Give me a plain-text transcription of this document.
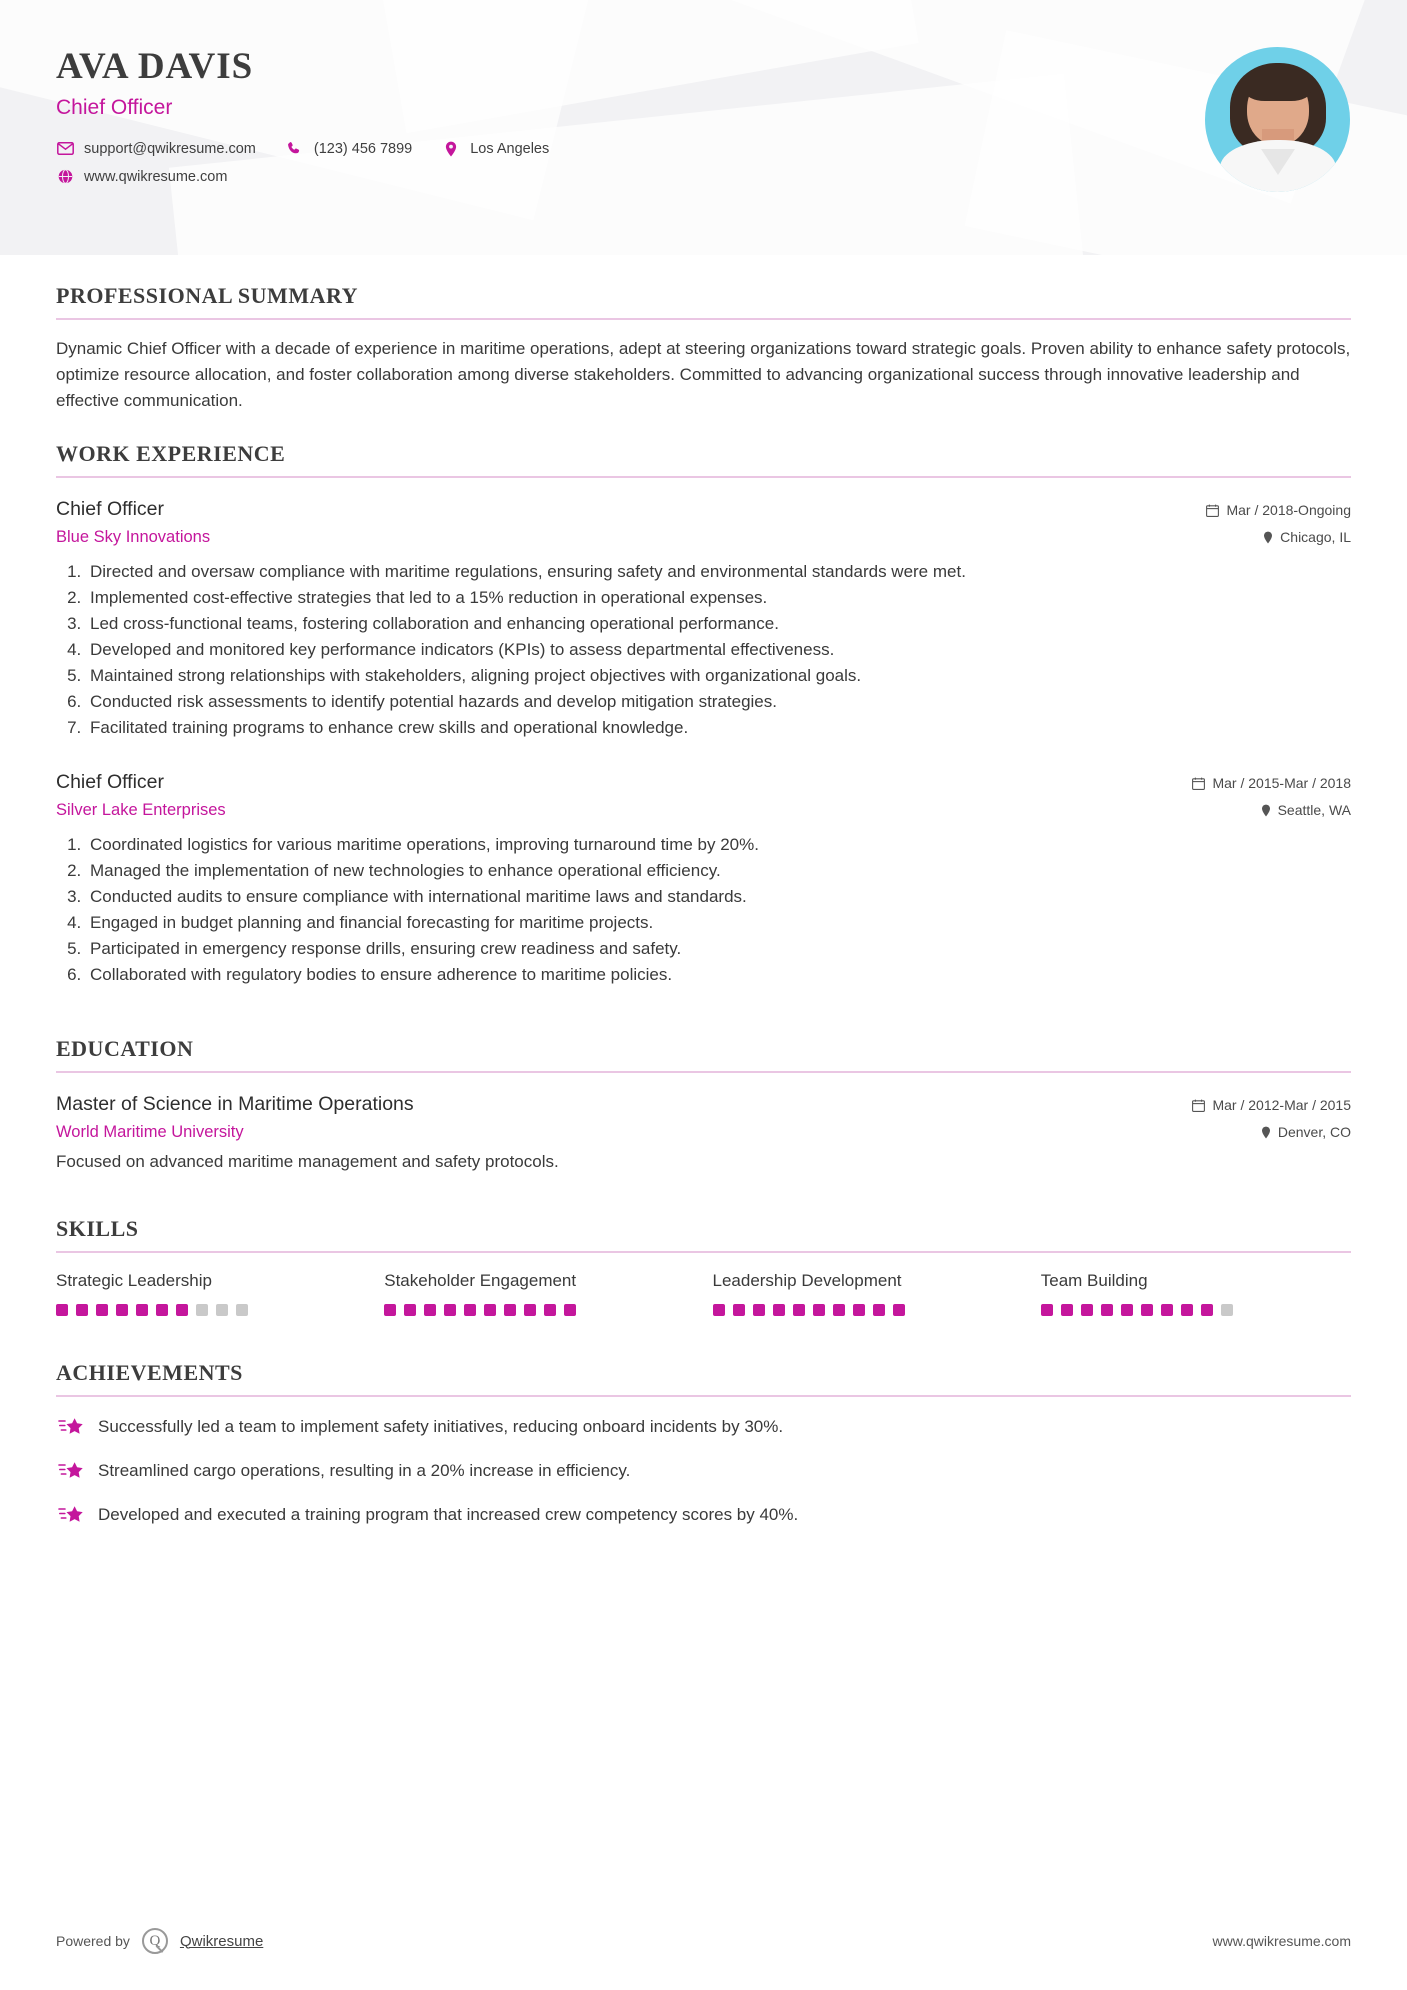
AVA DAVIS
Chief Officer
support@qwikresume.com	(123) 456 7899	Los Angeles
www.qwikresume.com
PROFESSIONAL SUMMARY

Dynamic Chief Officer with a decade of experience in maritime operations, adept at steering organizations toward strategic goals. Proven ability to enhance safety protocols, optimize resource allocation, and foster collaboration among diverse stakeholders. Committed to advancing organizational success through innovative leadership and effective communication.

WORK EXPERIENCE
Chief Officer
Blue Sky Innovations
Mar / 2018-Ongoing
Chicago, IL
1. Directed and oversaw compliance with maritime regulations, ensuring safety and environmental standards were met.
2. Implemented cost-effective strategies that led to a 15% reduction in operational expenses.
3. Led cross-functional teams, fostering collaboration and enhancing operational performance.
4. Developed and monitored key performance indicators (KPIs) to assess departmental effectiveness.
5. Maintained strong relationships with stakeholders, aligning project objectives with organizational goals.
6. Conducted risk assessments to identify potential hazards and develop mitigation strategies.
7. Facilitated training programs to enhance crew skills and operational knowledge.
Chief Officer
Silver Lake Enterprises
Mar / 2015-Mar / 2018
Seattle, WA
1. Coordinated logistics for various maritime operations, improving turnaround time by 20%.
2. Managed the implementation of new technologies to enhance operational efficiency.
3. Conducted audits to ensure compliance with international maritime laws and standards.
4. Engaged in budget planning and financial forecasting for maritime projects.
5. Participated in emergency response drills, ensuring crew readiness and safety.
6. Collaborated with regulatory bodies to ensure adherence to maritime policies.
EDUCATION
Master of Science in Maritime Operations
World Maritime University
Mar / 2012-Mar / 2015
Denver, CO
Focused on advanced maritime management and safety protocols.
SKILLS
Strategic Leadership	Stakeholder Engagement	Leadership Development	Team Building
ACHIEVEMENTS
Successfully led a team to implement safety initiatives, reducing onboard incidents by 30%.
Streamlined cargo operations, resulting in a 20% increase in efficiency.
Developed and executed a training program that increased crew competency scores by 40%.
Powered by	Q	Qwikresume	www.qwikresume.com
